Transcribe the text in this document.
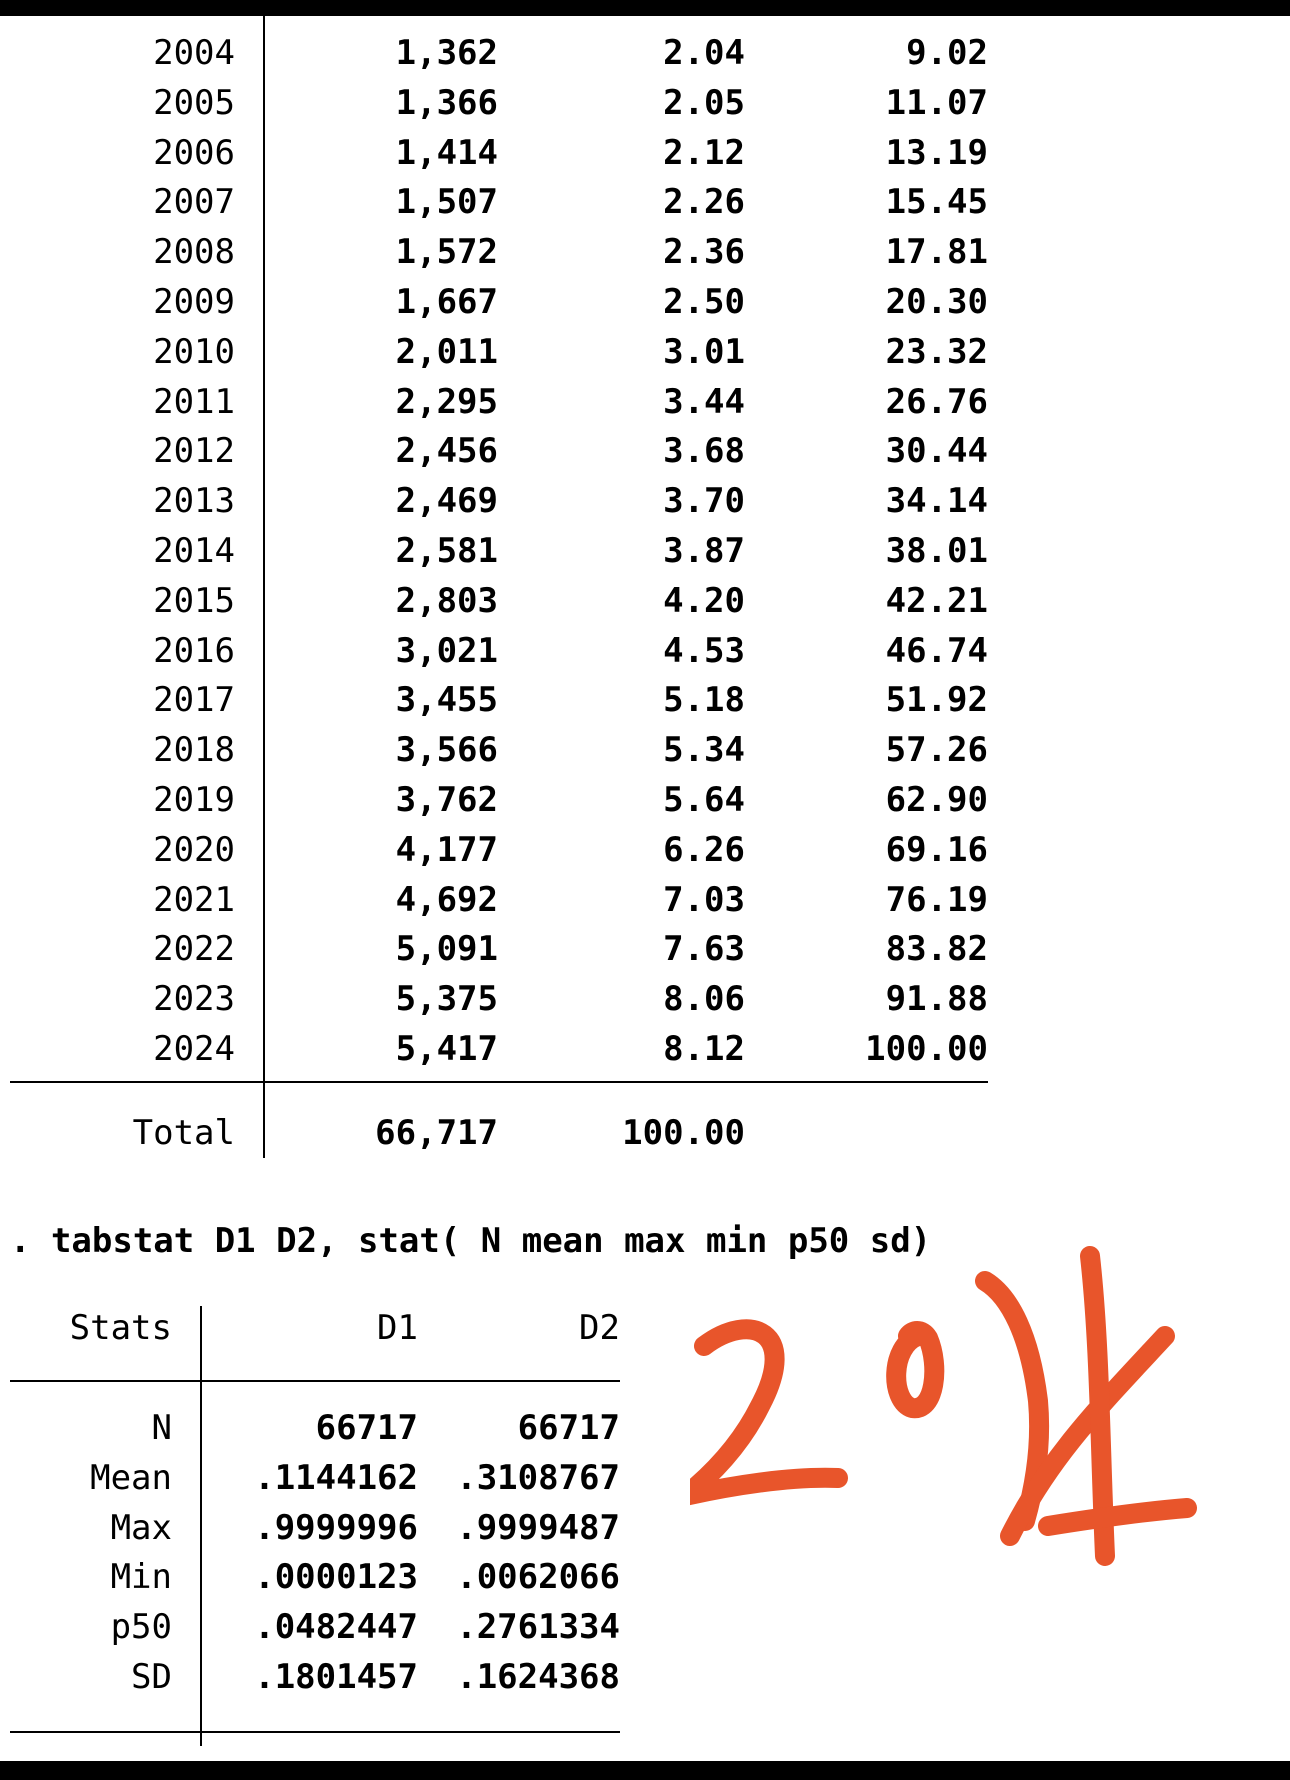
2004	1,362	2.04	9.02
2005	1,366	2.05	11.07
2006	1,414	2.12	13.19
2007	1,507	2.26	15.45
2008	1,572	2.36	17.81
2009	1,667	2.50	20.30
2010	2,011	3.01	23.32
2011	2,295	3.44	26.76
2012	2,456	3.68	30.44
2013	2,469	3.70	34.14
2014	2,581	3.87	38.01
2015	2,803	4.20	42.21
2016	3,021	4.53	46.74
2017	3,455	5.18	51.92
2018	3,566	5.34	57.26
2019	3,762	5.64	62.90
2020	4,177	6.26	69.16
2021	4,692	7.03	76.19
2022	5,091	7.63	83.82
2023	5,375	8.06	91.88
2024	5,417	8.12	100.00
Total	66,717	100.00
. tabstat D1 D2, stat( N mean max min p50 sd)
Stats	D1	D2
N	66717	66717
Mean .1144162 .3108767
Max .9999996 .9999487
Min .0000123 .0062066
p50 .0482447 .2761334
SD .1801457 .1624368
